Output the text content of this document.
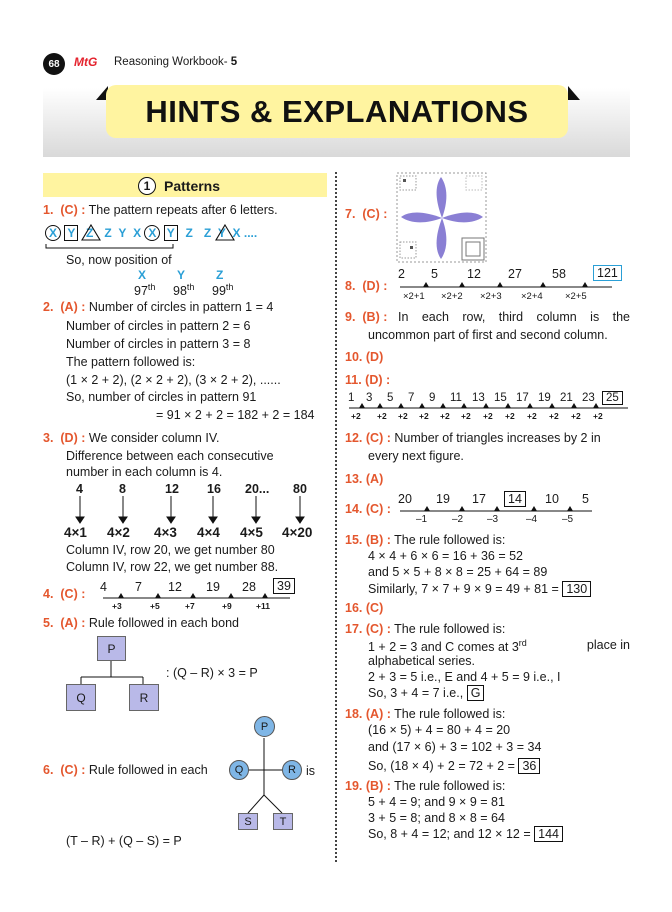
68	MtG Reasoning Workbook- 5
HINTS & EXPLANATIONS
1 Patterns
1. (C) : The pattern repeats after 6 letters.
X Y Z Z Y X X Y Z Z Y X ....
So, now position of
X	Y	Z
97th 98th 99th
2. (A) : Number of circles in pattern 1 = 4
Number of circles in pattern 2 = 6
Number of circles in pattern 3 = 8
The pattern followed is:
(1 × 2 + 2), (2 × 2 + 2), (3 × 2 + 2), ......
So, number of circles in pattern 91
= 91 × 2 + 2 = 182 + 2 = 184
3. (D) : We consider column IV.
Difference between each consecutive
number in each column is 4.
4	8	12 16 20... 80
4×1 4×2 4×3 4×4 4×5 4×20
Column IV, row 20, we get number 80
Column IV, row 22, we get number 88.
4. (C) : 4 7 12 19 28	39
+3	+5	+7	+9	+11
5. (A) : Rule followed in each bond
P
Q	R
: (Q – R) × 3 = P
6. (C) : Rule followed in each
P
Q	R is
S	T
(T – R) + (Q – S) = P
7. (C) :
8. (D) :
2 5 12 27 58	121
×2+1 ×2+2 ×2+3 ×2+4 ×2+5
9. (B) : In each row, third column is the
uncommon part of first and second column.
10. (D)
11. (D) :
1 3 5 7 9 11 13 15 17 19 21 23 25
+2 +2 +2 +2 +2 +2 +2 +2 +2 +2 +2 +2
12. (C) : Number of triangles increases by 2 in
every next figure.
13. (A)
14. (C) :
20 19 17	14	10 5
–1 –2 –3	–4 –5
15. (B) : The rule followed is:
4 × 4 + 6 × 6 = 16 + 36 = 52
and 5 × 5 + 8 × 8 = 25 + 64 = 89
Similarly, 7 × 7 + 9 × 9 = 49 + 81 = 130
16. (C)
17. (C) : The rule followed is:
1 + 2 = 3 and C comes at 3rd	place in
alphabetical series.
2 + 3 = 5 i.e., E and 4 + 5 = 9 i.e., I
So, 3 + 4 = 7 i.e., G
18. (A) : The rule followed is:
(16 × 5) + 4 = 80 + 4 = 20
and (17 × 6) + 3 = 102 + 3 = 34
So, (18 × 4) + 2 = 72 + 2 = 36
19. (B) : The rule followed is:
5 + 4 = 9; and 9 × 9 = 81
3 + 5 = 8; and 8 × 8 = 64
So, 8 + 4 = 12; and 12 × 12 = 144
